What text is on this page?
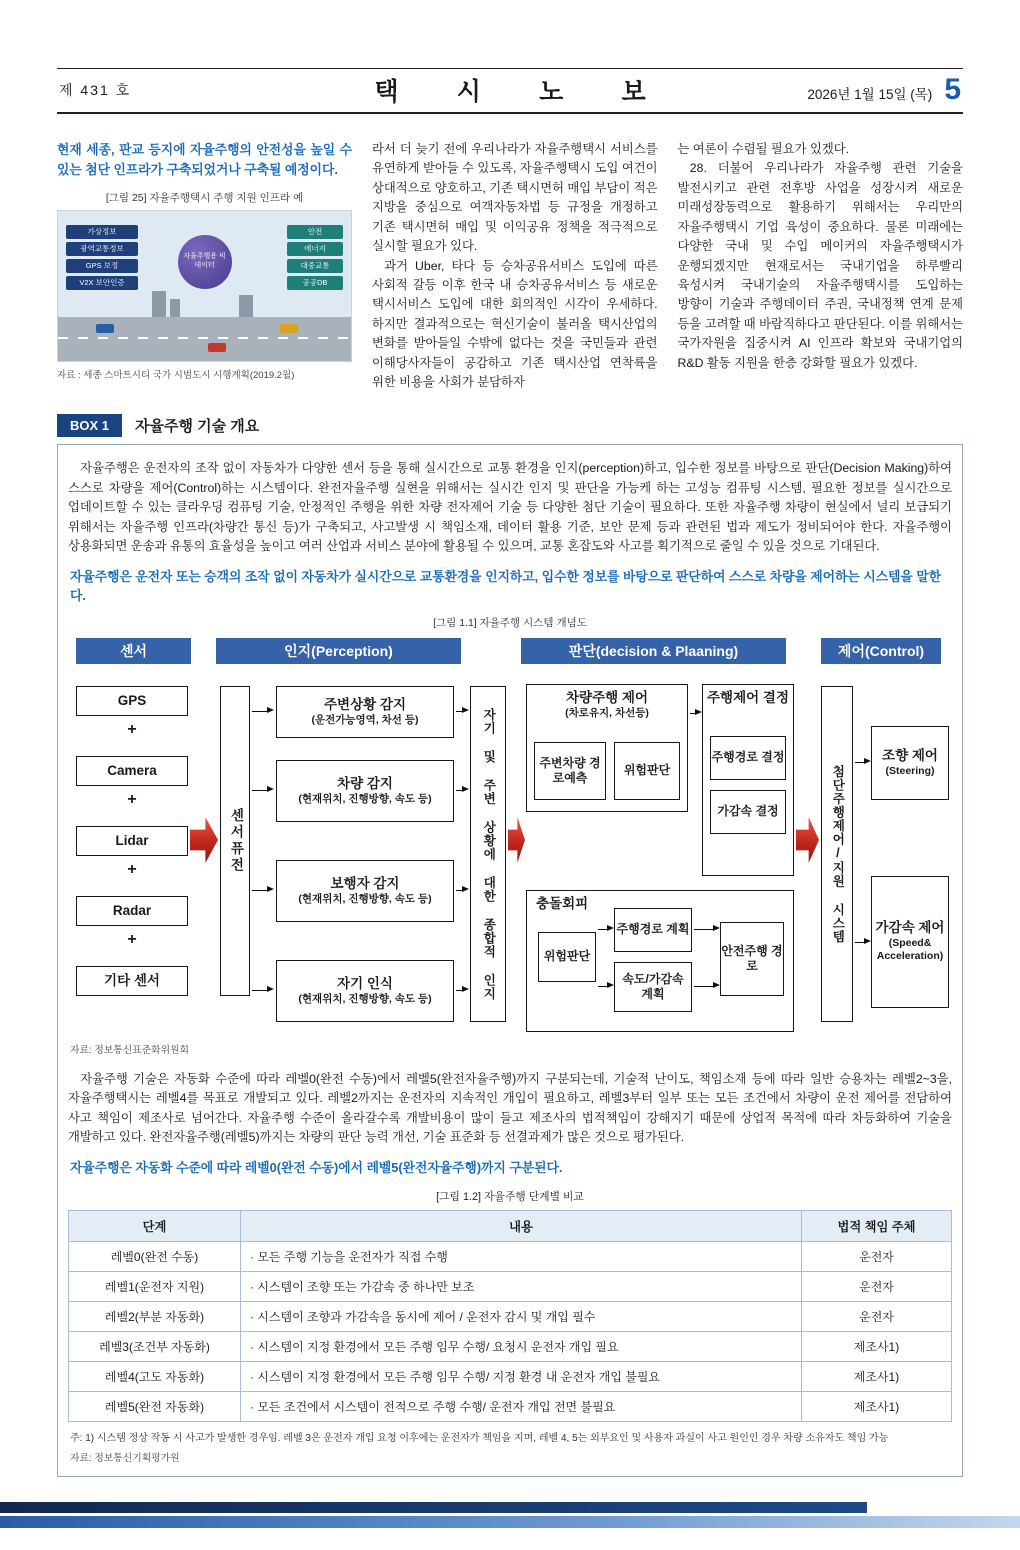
제 431 호	택 시 노 보	2026년 1월 15일 (목) 5

현재 세종, 판교 등지에 자율주행의 안전성을 높일 수 있는 첨단 인프라가 구축되었거나 구축될 예정이다.

[그림 25] 자율주행택시 주행 지원 인프라 예

가상정보
광역교통정보
GPS 보정
V2X 보안인증
안전
에너지
대중교통
공공DB
자율주행용 빅데이터

자료 : 세종 스마트시티 국가 시범도시 시행계획(2019.2월)

라서 더 늦기 전에 우리나라가 자율주행택시 서비스를 유연하게 받아들 수 있도록, 자율주행택시 도입 여건이 상대적으로 양호하고, 기존 택시면허 매입 부담이 적은 지방을 중심으로 여객자동차법 등 규정을 개정하고 기존 택시면허 매입 및 이익공유 정책을 적극적으로 실시할 필요가 있다.

과거 Uber, 타다 등 승차공유서비스 도입에 따른 사회적 갈등 이후 한국 내 승차공유서비스 등 새로운 택시서비스 도입에 대한 회의적인 시각이 우세하다. 하지만 결과적으로는 혁신기술이 불러올 택시산업의 변화를 받아들일 수밖에 없다는 것을 국민들과 관련 이해당사자들이 공감하고 기존 택시산업 연착륙을 위한 비용을 사회가 분담하자

는 여론이 수렴될 필요가 있겠다.

28. 더불어 우리나라가 자율주행 관련 기술을 발전시키고 관련 전후방 사업을 성장시켜 새로운 미래성장동력으로 활용하기 위해서는 우리만의 자율주행택시 기업 육성이 중요하다. 물론 미래에는 다양한 국내 및 수입 메이커의 자율주행택시가 운행되겠지만 현재로서는 국내기업을 하루빨리 육성시켜 국내기술의 자율주행택시를 도입하는 방향이 기술과 주행데이터 주권, 국내정책 연계 문제 등을 고려할 때 바람직하다고 판단된다. 이를 위해서는 국가자원을 집중시켜 AI 인프라 확보와 국내기업의 R&D 활동 지원을 한층 강화할 필요가 있겠다.

BOX 1	자율주행 기술 개요

자율주행은 운전자의 조작 없이 자동차가 다양한 센서 등을 통해 실시간으로 교통 환경을 인지(perception)하고, 입수한 정보를 바탕으로 판단(Decision Making)하여 스스로 차량을 제어(Control)하는 시스템이다. 완전자율주행 실현을 위해서는 실시간 인지 및 판단을 가능케 하는 고성능 컴퓨팅 시스템, 필요한 정보를 실시간으로 업데이트할 수 있는 클라우딩 컴퓨팅 기술, 안정적인 주행을 위한 차량 전자제어 기술 등 다양한 첨단 기술이 필요하다. 또한 자율주행 차량이 현실에서 널리 보급되기 위해서는 자율주행 인프라(차량간 통신 등)가 구축되고, 사고발생 시 책임소재, 데이터 활용 기준, 보안 문제 등과 관련된 법과 제도가 정비되어야 한다. 자율주행이 상용화되면 운송과 유통의 효율성을 높이고 여러 산업과 서비스 분야에 활용될 수 있으며, 교통 혼잡도와 사고를 획기적으로 줄일 수 있을 것으로 기대된다.

자율주행은 운전자 또는 승객의 조작 없이 자동차가 실시간으로 교통환경을 인지하고, 입수한 정보를 바탕으로 판단하여 스스로 차량을 제어하는 시스템을 말한다.

[그림 1.1] 자율주행 시스템 개념도

센서	인지(Perception)	판단(decision & Plaaning)	제어(Control)
GPS
+
Camera
+
Lidar
+
Radar
+
기타 센서
센서퓨전
주변상황 감지
(운전가능영역, 차선 등)
차량 감지
(현재위치, 진행방향, 속도 등)
보행자 감지
(현재위치, 진행방향, 속도 등)
자기 인식
(현재위치, 진행방향, 속도 등)	자기 및 주변 상황에 대한 종합적 인지
차량주행 제어
(차로유지, 차선등)
주변차량 경로예측
위험판단
주행제어 결정
주행경로 결정
가감속 결정
충돌회피
위험판단
주행경로 계획
속도/가감속 계획
안전주행 경로
첨단주행제어/지원 시스템
조향 제어
(Steering)
가감속 제어
(Speed& Acceleration)

자료: 정보통신표준화위원회

자율주행 기술은 자동화 수준에 따라 레벨0(완전 수동)에서 레벨5(완전자율주행)까지 구분되는데, 기술적 난이도, 책임소재 등에 따라 일반 승용차는 레벨2~3을, 자율주행택시는 레벨4를 목표로 개발되고 있다. 레벨2까지는 운전자의 지속적인 개입이 필요하고, 레벨3부터 일부 또는 모든 조건에서 차량이 운전 제어를 전담하여 사고 책임이 제조사로 넘어간다. 자율주행 수준이 올라갈수록 개발비용이 많이 들고 제조사의 법적책임이 강해지기 때문에 상업적 목적에 따라 차등화하여 기술을 개발하고 있다. 완전자율주행(레벨5)까지는 차량의 판단 능력 개선, 기술 표준화 등 선결과제가 많은 것으로 평가된다.

자율주행은 자동화 수준에 따라 레벨0(완전 수동)에서 레벨5(완전자율주행)까지 구분된다.

[그림 1.2] 자율주행 단계별 비교

단계	내용	법적 책임 주체
레벨0(완전 수동)	· 모든 주행 기능을 운전자가 직접 수행	운전자
레벨1(운전자 지원)	· 시스템이 조향 또는 가감속 중 하나만 보조	운전자
레벨2(부분 자동화)	· 시스템이 조향과 가감속을 동시에 제어 / 운전자 감시 및 개입 필수	운전자
레벨3(조건부 자동화)	· 시스템이 지정 환경에서 모든 주행 임무 수행/ 요청시 운전자 개입 필요	제조사1)
레벨4(고도 자동화)	· 시스템이 지정 환경에서 모든 주행 임무 수행/ 지정 환경 내 운전자 개입 불필요	제조사1)
레벨5(완전 자동화)	· 모든 조건에서 시스템이 전적으로 주행 수행/ 운전자 개입 전면 불필요	제조사1)

주: 1) 시스템 정상 작동 시 사고가 발생한 경우임. 레벨 3은 운전자 개입 요청 이후에는 운전자가 책임을 지며, 레벨 4, 5는 외부요인 및 사용자 과실이 사고 원인인 경우 차량 소유자도 책임 가능

자료: 정보통신기획평가원
